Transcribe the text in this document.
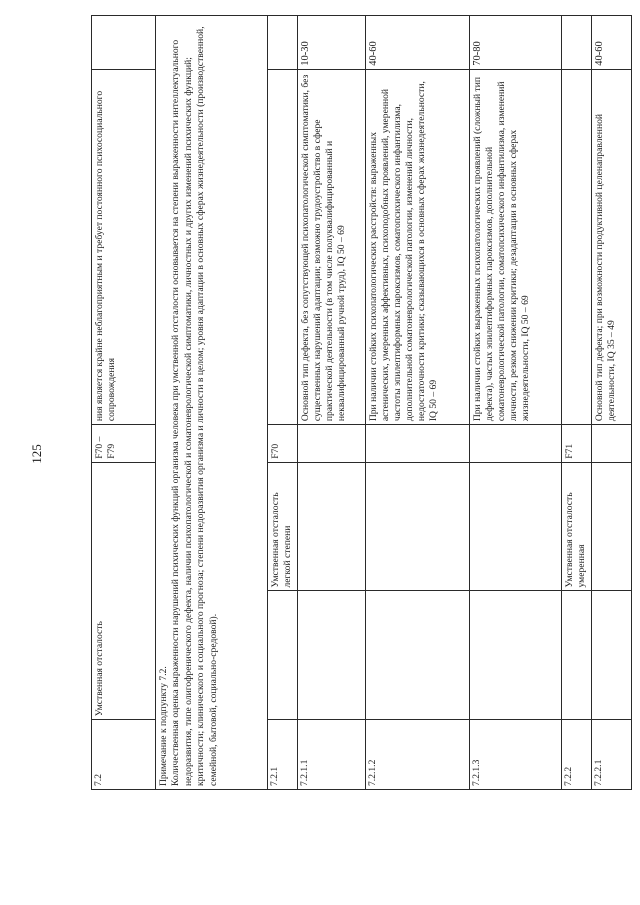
125
7.2	Умственная отсталость		F70 – F79	ния является крайне неблагоприятным и требует постоянного психосоциального сопровождения	

Примечание к подпункту 7.2. Количественная оценка выраженности нарушений психических функций организма человека при умственной отсталости основывается на степени выраженности интеллектуального недоразвития, типе олигофренического дефекта, наличии психопатологической и соматоневрологической симптоматики, личностных и других изменений психических функций; критичности; клинического и социального прогноза; степени недоразвития организма и личности в целом; уровня адаптации в основных сферах жизнедеятельности (производственной, семейной, бытовой, социально-средовой).					
7.2.1		Умственная отсталость легкой степени	F70		
7.2.1.1				Основной тип дефекта, без сопутствующей психопатологической симптоматики, без существенных нарушений адаптации; возможно трудоустройство в сфере практической деятельности (в том числе полуквалифицированный и неквалифицированный ручной труд), IQ 50 – 69	10-30
7.2.1.2				При наличии стойких психопатологических расстройств: выраженных астенических, умеренных аффективных, психоподобных проявлений, умеренной частоты эпилептиформных пароксизмов, соматопсихического инфантилизма, дополнительной соматоневрологической патологии, изменений личности, недостаточности критики; сказывающихся в основных сферах жизнедеятельности, IQ 50 – 69	40-60
7.2.1.3				При наличии стойких выраженных психопатологических проявлений (сложный тип дефекта), частых эпилептиформных пароксизмов, дополнительной соматоневрологической патологии, соматопсихического инфантилизма, изменений личности, резком снижении критики; дезадаптации в основных сферах жизнедеятельности, IQ 50 – 69	70-80
7.2.2		Умственная отсталость умеренная	F71		
7.2.2.1				Основной тип дефекта; при возможности продуктивной целенаправленной деятельности, IQ 35 – 49	40-60
